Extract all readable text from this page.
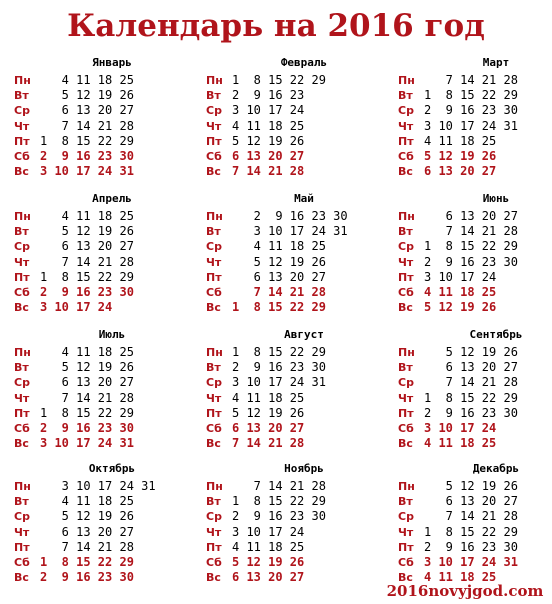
Календарь на 2016 год
Январь
Пн 4 11 18 25
Вт 5 12 19 26
Ср 6 13 20 27
Чт 7 14 21 28
Пт 1  8 15 22 29
Сб 2  9 16 23 30
Вс 3 10 17 24 31
Февраль
Пн 1  8 15 22 29
Вт 2  9 16 23
Ср 3 10 17 24
Чт 4 11 18 25
Пт 5 12 19 26
Сб 6 13 20 27
Вс 7 14 21 28
Март
Пн 7 14 21 28
Вт 1  8 15 22 29
Ср 2  9 16 23 30
Чт 3 10 17 24 31
Пт 4 11 18 25
Сб 5 12 19 26
Вс 6 13 20 27
Апрель
Пн 4 11 18 25
Вт 5 12 19 26
Ср 6 13 20 27
Чт 7 14 21 28
Пт 1  8 15 22 29
Сб 2  9 16 23 30
Вс 3 10 17 24
Май
Пн 2  9 16 23 30
Вт 3 10 17 24 31
Ср 4 11 18 25
Чт 5 12 19 26
Пт 6 13 20 27
Сб 7 14 21 28
Вс 1  8 15 22 29
Июнь
Пн 6 13 20 27
Вт 7 14 21 28
Ср 1  8 15 22 29
Чт 2  9 16 23 30
Пт 3 10 17 24
Сб 4 11 18 25
Вс 5 12 19 26
Июль
Пн 4 11 18 25
Вт 5 12 19 26
Ср 6 13 20 27
Чт 7 14 21 28
Пт 1  8 15 22 29
Сб 2  9 16 23 30
Вс 3 10 17 24 31
Август
Пн 1  8 15 22 29
Вт 2  9 16 23 30
Ср 3 10 17 24 31
Чт 4 11 18 25
Пт 5 12 19 26
Сб 6 13 20 27
Вс 7 14 21 28
Сентябрь
Пн 5 12 19 26
Вт 6 13 20 27
Ср 7 14 21 28
Чт 1  8 15 22 29
Пт 2  9 16 23 30
Сб 3 10 17 24
Вс 4 11 18 25
Октябрь
Пн 3 10 17 24 31
Вт 4 11 18 25
Ср 5 12 19 26
Чт 6 13 20 27
Пт 7 14 21 28
Сб 1  8 15 22 29
Вс 2  9 16 23 30
Ноябрь
Пн 7 14 21 28
Вт 1  8 15 22 29
Ср 2  9 16 23 30
Чт 3 10 17 24
Пт 4 11 18 25
Сб 5 12 19 26
Вс 6 13 20 27
Декабрь
Пн 5 12 19 26
Вт 6 13 20 27
Ср 7 14 21 28
Чт 1  8 15 22 29
Пт 2  9 16 23 30
Сб 3 10 17 24 31
Вс 4 11 18 25
2016novyjgod.com
